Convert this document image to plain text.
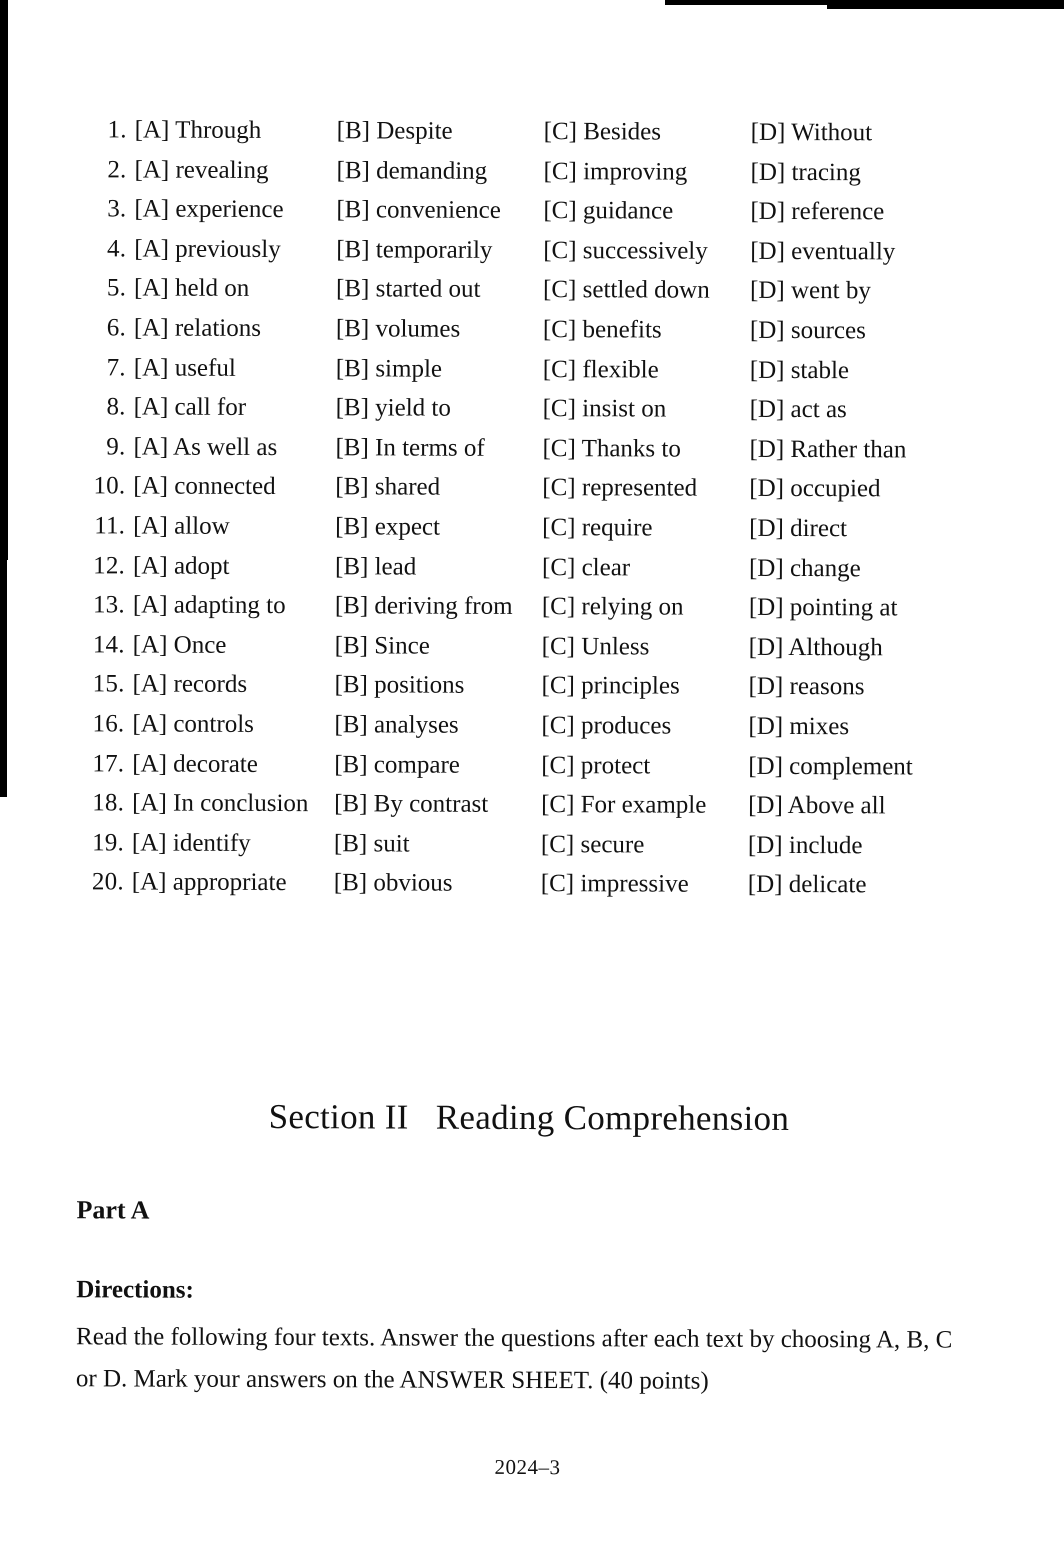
1. [A] Through	[B] Despite	[C] Besides	[D] Without
2. [A] revealing	[B] demanding [C] improving	[D] tracing
3. [A] experience [B] convenience [C] guidance	[D] reference
4. [A] previously [B] temporarily [C] successively [D] eventually
5. [A] held on	[B] started out [C] settled down [D] went by
6. [A] relations	[B] volumes	[C] benefits	[D] sources
7. [A] useful	[B] simple	[C] flexible	[D] stable
8. [A] call for	[B] yield to	[C] insist on	[D] act as
9. [A] As well as [B] In terms of [C] Thanks to	[D] Rather than
10. [A] connected [B] shared	[C] represented [D] occupied
11. [A] allow	[B] expect	[C] require	[D] direct
12. [A] adopt	[B] lead	[C] clear	[D] change
13. [A] adapting to [B] deriving from [C] relying on	[D] pointing at
14. [A] Once	[B] Since	[C] Unless	[D] Although
15. [A] records	[B] positions	[C] principles	[D] reasons
16. [A] controls	[B] analyses	[C] produces	[D] mixes
17. [A] decorate	[B] compare	[C] protect	[D] complement
18. [A] In conclusion [B] By contrast [C] For example [D] Above all
19. [A] identify	[B] suit	[C] secure	[D] include
20. [A] appropriate [B] obvious	[C] impressive [D] delicate
Section II   Reading Comprehension
Part A
Directions:
Read the following four texts. Answer the questions after each text by choosing A, B, C or D. Mark your answers on the ANSWER SHEET. (40 points)
2024–3
